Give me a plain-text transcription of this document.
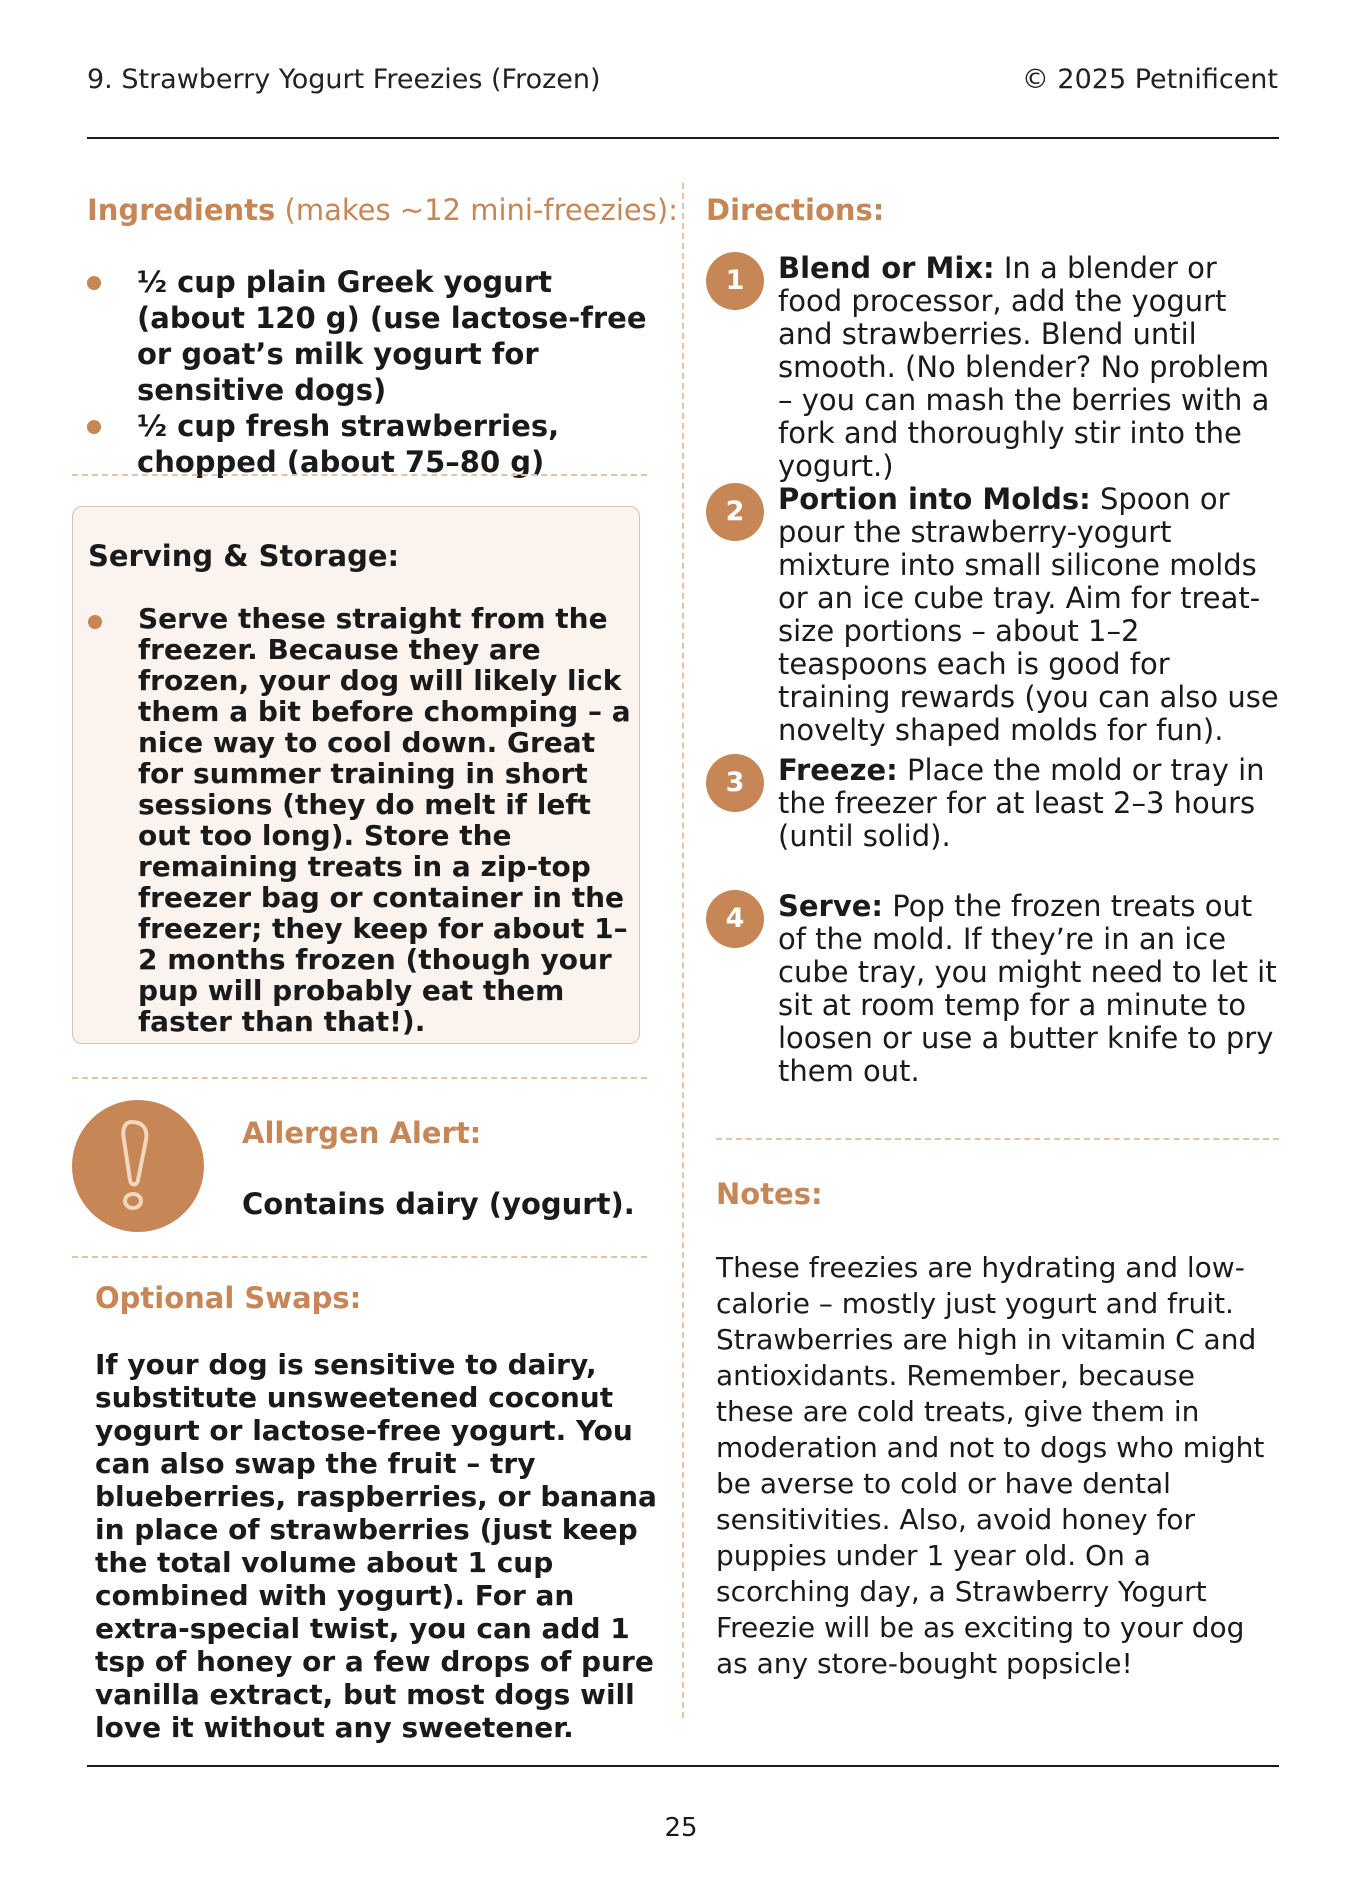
9. Strawberry Yogurt Freezies (Frozen)	© 2025 Petnificent
Ingredients (makes ~12 mini-freezies):
½ cup plain Greek yogurt (about 120 g) (use lactose-free or goat’s milk yogurt for sensitive dogs)
½ cup fresh strawberries, chopped (about 75–80 g)
Serving & Storage:
Serve these straight from the freezer. Because they are frozen, your dog will likely lick them a bit before chomping – a nice way to cool down. Great for summer training in short sessions (they do melt if left out too long). Store the remaining treats in a zip-top freezer bag or container in the freezer; they keep for about 1–2 months frozen (though your pup will probably eat them faster than that!).
Allergen Alert:
Contains dairy (yogurt).
Optional Swaps:
If your dog is sensitive to dairy, substitute unsweetened coconut yogurt or lactose-free yogurt. You can also swap the fruit – try blueberries, raspberries, or banana in place of strawberries (just keep the total volume about 1 cup combined with yogurt). For an extra-special twist, you can add 1 tsp of honey or a few drops of pure vanilla extract, but most dogs will love it without any sweetener.
Directions:
1	Blend or Mix: In a blender or food processor, add the yogurt and strawberries. Blend until smooth. (No blender? No problem – you can mash the berries with a fork and thoroughly stir into the yogurt.)
2	Portion into Molds: Spoon or pour the strawberry-yogurt mixture into small silicone molds or an ice cube tray. Aim for treat-size portions – about 1–2 teaspoons each is good for training rewards (you can also use novelty shaped molds for fun).
3	Freeze: Place the mold or tray in the freezer for at least 2–3 hours (until solid).
4	Serve: Pop the frozen treats out of the mold. If they’re in an ice cube tray, you might need to let it sit at room temp for a minute to loosen or use a butter knife to pry them out.
Notes:
These freezies are hydrating and low-calorie – mostly just yogurt and fruit. Strawberries are high in vitamin C and antioxidants. Remember, because these are cold treats, give them in moderation and not to dogs who might be averse to cold or have dental sensitivities. Also, avoid honey for puppies under 1 year old. On a scorching day, a Strawberry Yogurt Freezie will be as exciting to your dog as any store-bought popsicle!
25
